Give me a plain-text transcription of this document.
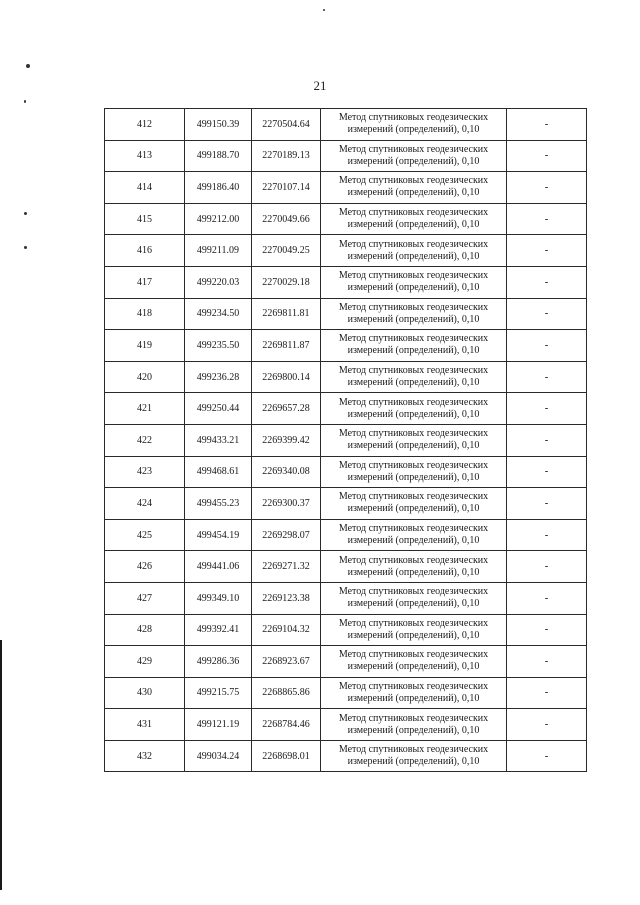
21
412	499150.39	2270504.64	Метод спутниковых геодезических
измерений (определений), 0,10	-
413	499188.70	2270189.13	Метод спутниковых геодезических
измерений (определений), 0,10	-
414	499186.40	2270107.14	Метод спутниковых геодезических
измерений (определений), 0,10	-
415	499212.00	2270049.66	Метод спутниковых геодезических
измерений (определений), 0,10	-
416	499211.09	2270049.25	Метод спутниковых геодезических
измерений (определений), 0,10	-
417	499220.03	2270029.18	Метод спутниковых геодезических
измерений (определений), 0,10	-
418	499234.50	2269811.81	Метод спутниковых геодезических
измерений (определений), 0,10	-
419	499235.50	2269811.87	Метод спутниковых геодезических
измерений (определений), 0,10	-
420	499236.28	2269800.14	Метод спутниковых геодезических
измерений (определений), 0,10	-
421	499250.44	2269657.28	Метод спутниковых геодезических
измерений (определений), 0,10	-
422	499433.21	2269399.42	Метод спутниковых геодезических
измерений (определений), 0,10	-
423	499468.61	2269340.08	Метод спутниковых геодезических
измерений (определений), 0,10	-
424	499455.23	2269300.37	Метод спутниковых геодезических
измерений (определений), 0,10	-
425	499454.19	2269298.07	Метод спутниковых геодезических
измерений (определений), 0,10	-
426	499441.06	2269271.32	Метод спутниковых геодезических
измерений (определений), 0,10	-
427	499349.10	2269123.38	Метод спутниковых геодезических
измерений (определений), 0,10	-
428	499392.41	2269104.32	Метод спутниковых геодезических
измерений (определений), 0,10	-
429	499286.36	2268923.67	Метод спутниковых геодезических
измерений (определений), 0,10	-
430	499215.75	2268865.86	Метод спутниковых геодезических
измерений (определений), 0,10	-
431	499121.19	2268784.46	Метод спутниковых геодезических
измерений (определений), 0,10	-
432	499034.24	2268698.01	Метод спутниковых геодезических
измерений (определений), 0,10	-
